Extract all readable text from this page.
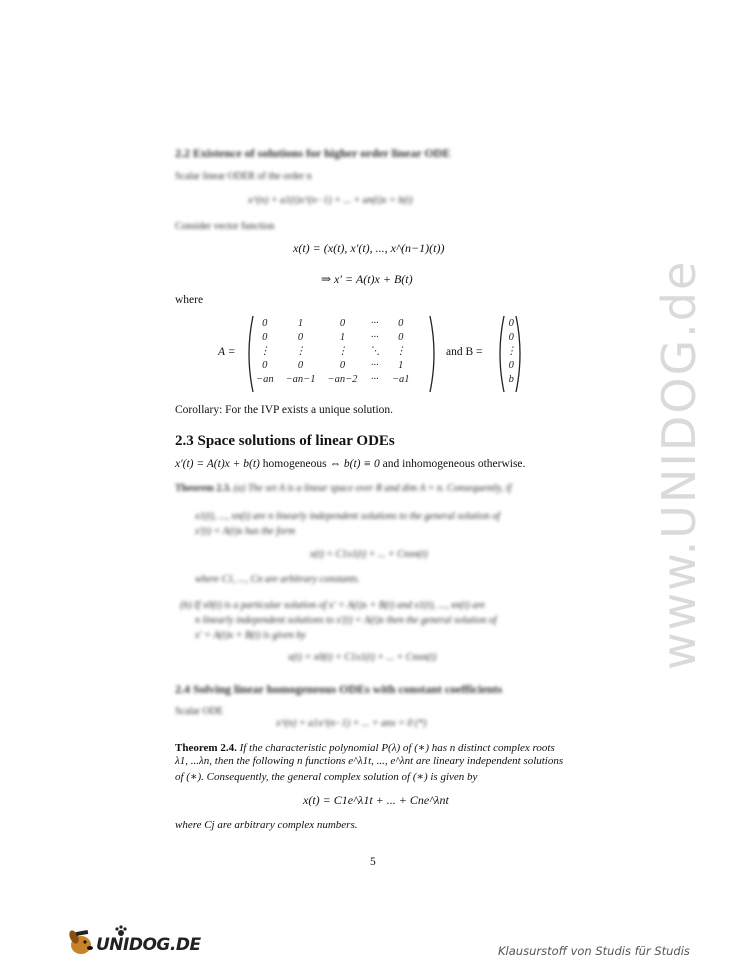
www.UNIDOG.de
2.2 Existence of solutions for higher order linear ODE
Scalar linear ODER of the order n
x^(n) + a1(t)x^(n−1) + ... + an(t)x = b(t)
Consider vector function
x(t) = (x(t), x′(t), ..., x^(n−1)(t))
⇒ x′ = A(t)x + B(t)
where
A =
0	1	0	···	0
0	0	1	···	0
⋮	⋮	⋮	⋱	⋮
0	0	0	···	1
−an	−an−1	−an−2	···	−a1
and B =
0
0
⋮
0
b
Corollary: For the IVP exists a unique solution.
2.3 Space solutions of linear ODEs
x′(t) = A(t)x + b(t) homogeneous ⇔ b(t) ≡ 0 and inhomogeneous otherwise.
Theorem 2.3. (a) The set A is a linear space over R and dim A = n. Consequently, if
x1(t), ..., xn(t) are n linearly independent solutions to the general solution of
x′(t) = A(t)x has the form
x(t) = C1x1(t) + ... + Cnxn(t)
where C1, ..., Cn are arbitrary constants.
(b) If x0(t) is a particular solution of x′ = A(t)x + B(t) and x1(t), ..., xn(t) are
n linearly independent solutions to x′(t) = A(t)x then the general solution of
x′ = A(t)x + B(t) is given by
x(t) = x0(t) + C1x1(t) + ... + Cnxn(t)
2.4 Solving linear homogeneous ODEs with constant coefficients
Scalar ODE
x^(n) + a1x^(n−1) + ... + anx = 0 (*)
Theorem 2.4. If the characteristic polynomial P(λ) of (∗) has n distinct complex roots
λ1, ...λn, then the following n functions e^λ1t, ..., e^λnt are lineary independent solutions
of (∗). Consequently, the general complex solution of (∗) is given by
x(t) = C1e^λ1t + ... + Cne^λnt
where Cj are arbitrary complex numbers.
5
UNIDOG.DE	Klausurstoff von Studis für Studis
